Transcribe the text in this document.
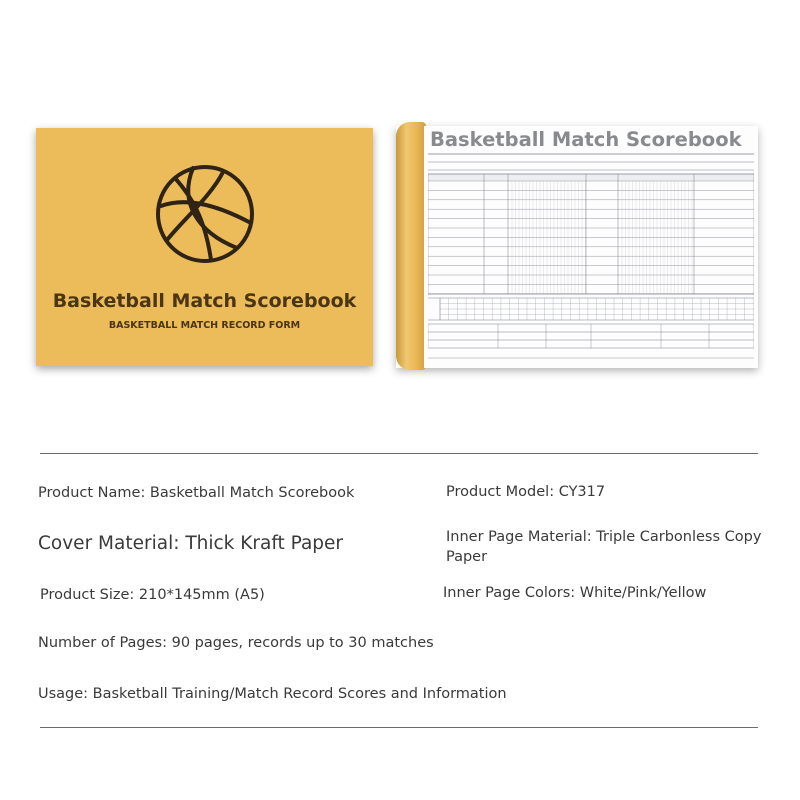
Basketball Match Scorebook
BASKETBALL MATCH RECORD FORM
Basketball Match Scorebook
Product Name: Basketball Match Scorebook	Product Model: CY317
Cover Material: Thick Kraft Paper	Inner Page Material: Triple Carbonless Copy Paper
Product Size: 210*145mm (A5)	Inner Page Colors: White/Pink/Yellow
Number of Pages: 90 pages, records up to 30 matches
Usage: Basketball Training/Match Record Scores and Information
